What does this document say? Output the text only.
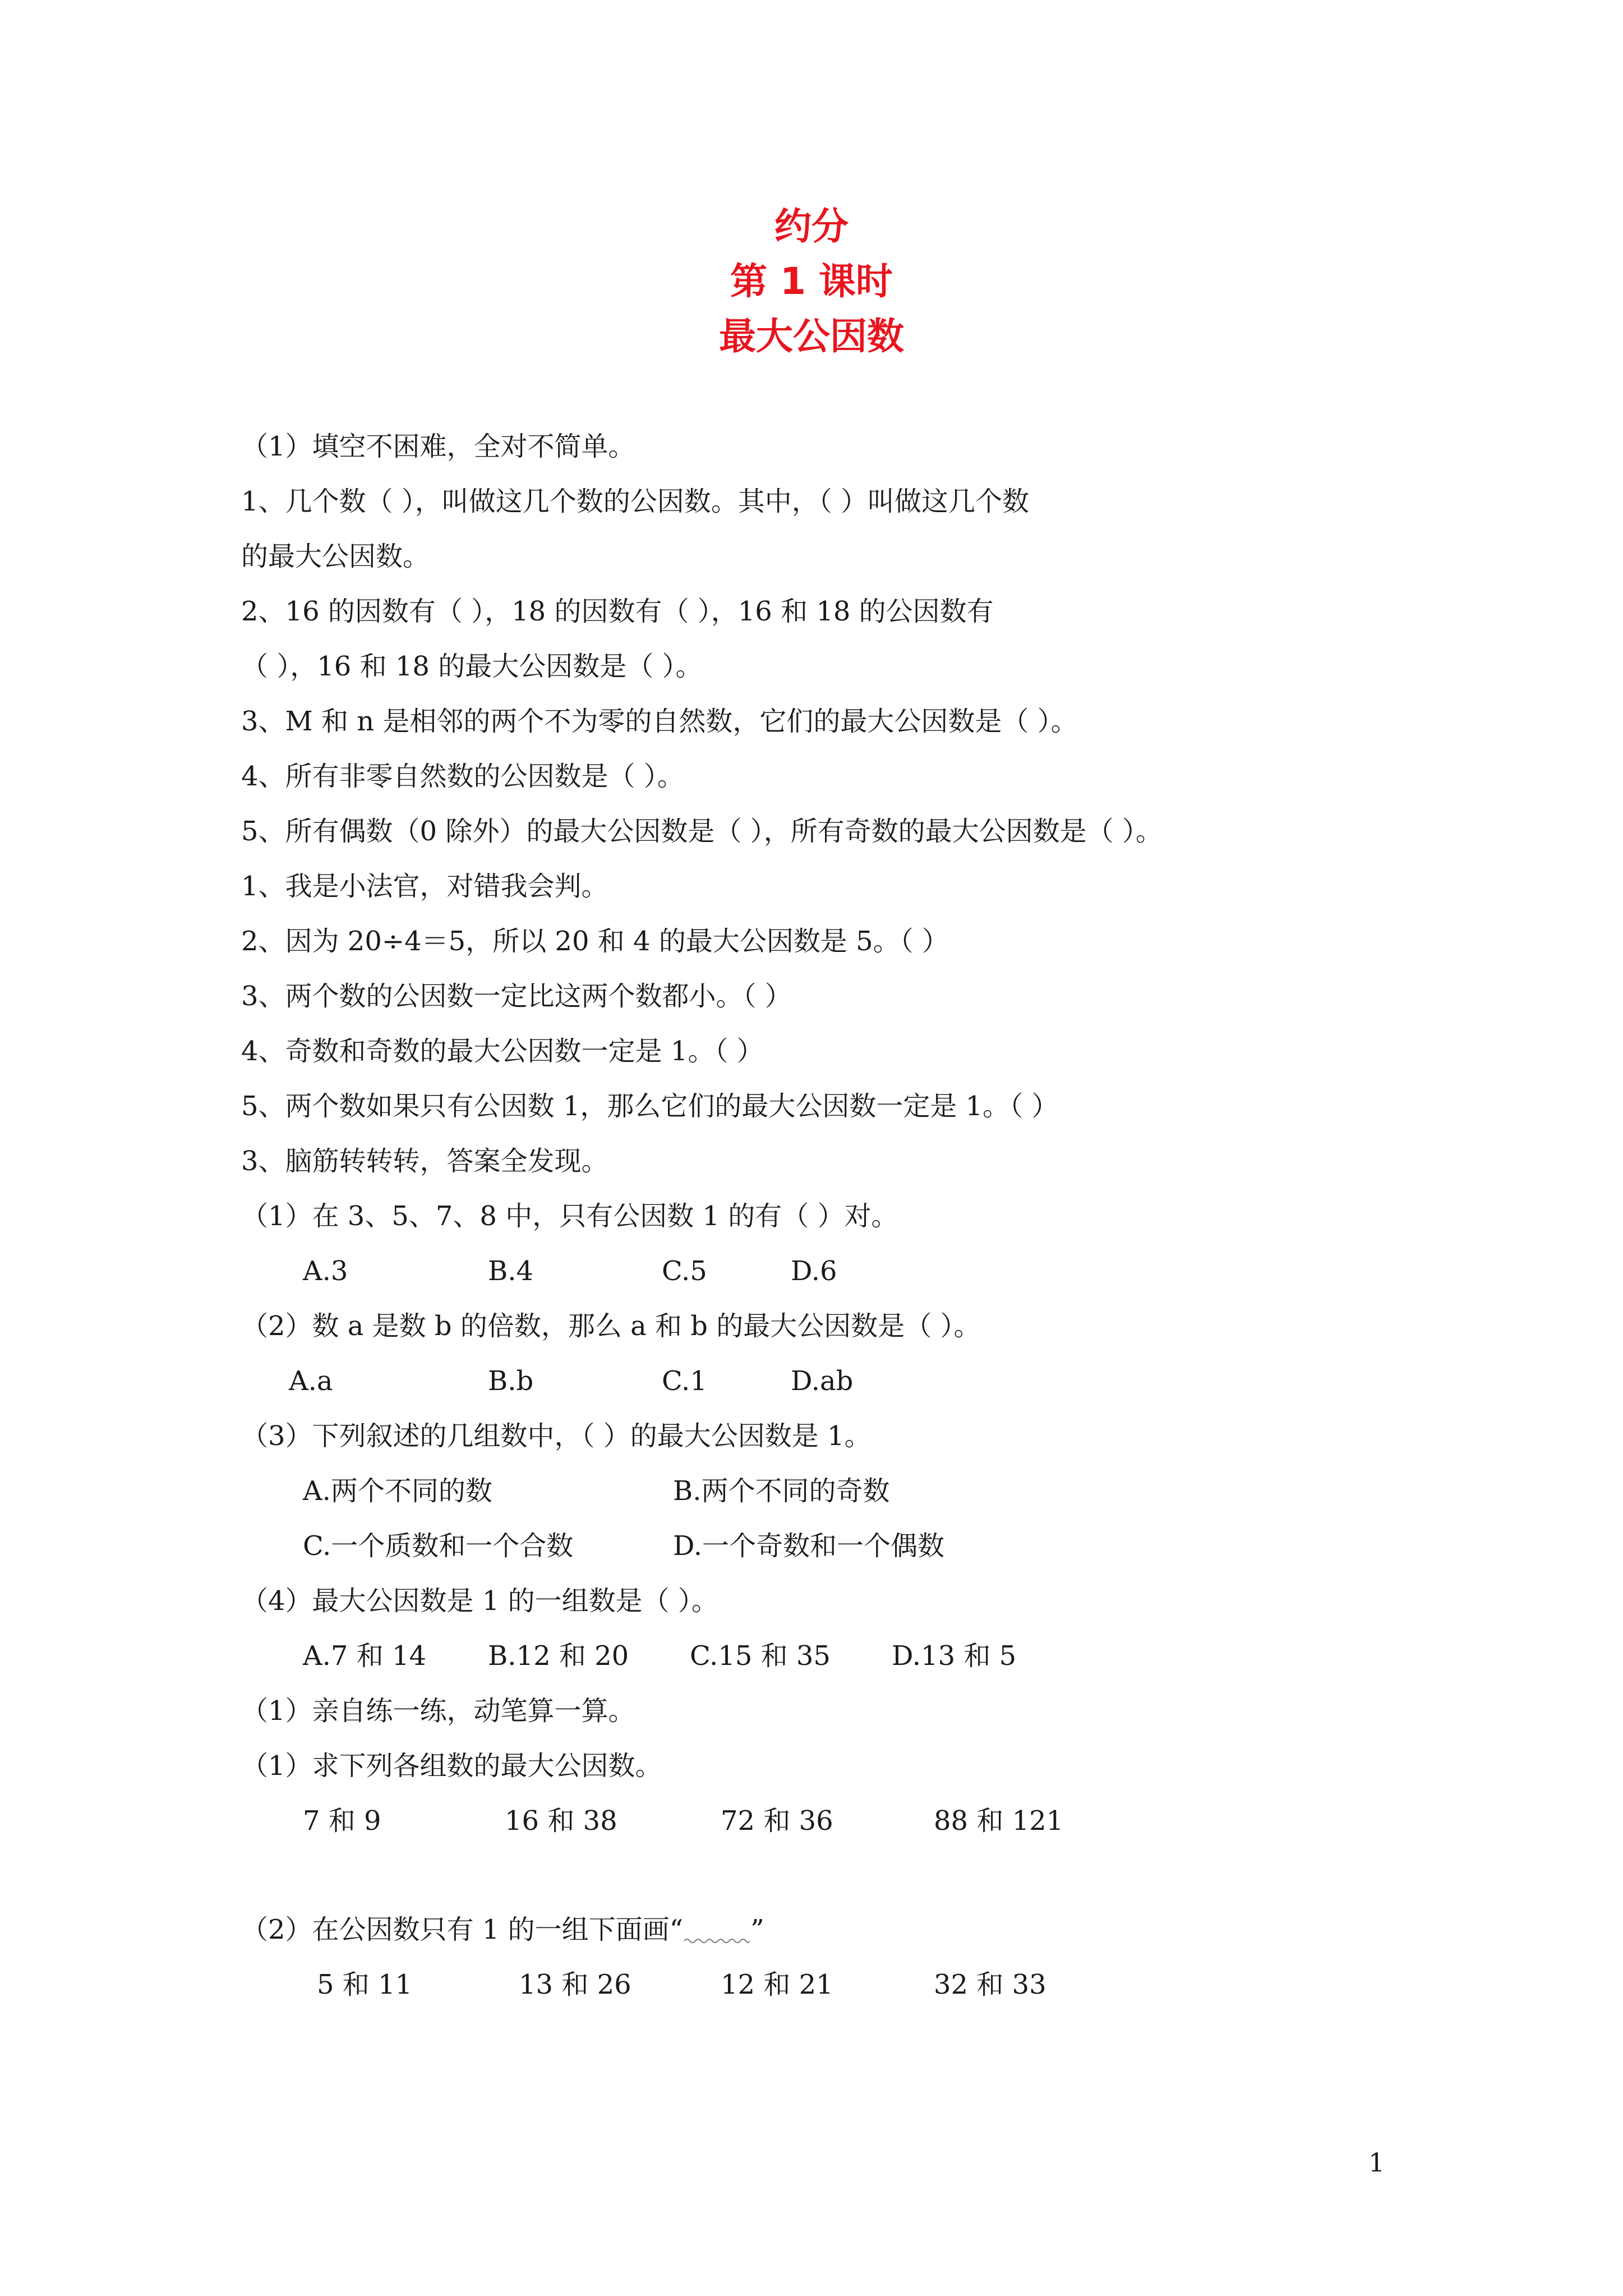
约分
第 1 课时
最大公因数
（1）填空不困难，全对不简单。
1、几个数（ ），叫做这几个数的公因数。其中，（ ）叫做这几个数
的最大公因数。
2、16 的因数有（ ），18 的因数有（ ），16 和 18 的公因数有
（ ），16 和 18 的最大公因数是（ ）。
3、M 和 n 是相邻的两个不为零的自然数，它们的最大公因数是（ ）。
4、所有非零自然数的公因数是（ ）。
5、所有偶数（0 除外）的最大公因数是（ ），所有奇数的最大公因数是（ ）。
1、我是小法官，对错我会判。
2、因为 20÷4＝5，所以 20 和 4 的最大公因数是 5。（ ）
3、两个数的公因数一定比这两个数都小。（ ）
4、奇数和奇数的最大公因数一定是 1。（ ）
5、两个数如果只有公因数 1，那么它们的最大公因数一定是 1。（ ）
3、脑筋转转转，答案全发现。
（1）在 3、5、7、8 中，只有公因数 1 的有（ ）对。
A.3	B.4	C.5	D.6
（2）数 a 是数 b 的倍数，那么 a 和 b 的最大公因数是（ ）。
A.a	B.b	C.1	D.ab
（3）下列叙述的几组数中，（ ）的最大公因数是 1。
A.两个不同的数	B.两个不同的奇数
C.一个质数和一个合数	D.一个奇数和一个偶数
（4）最大公因数是 1 的一组数是（ ）。
A.7 和 14 B.12 和 20 C.15 和 35 D.13 和 5
（1）亲自练一练，动笔算一算。
（1）求下列各组数的最大公因数。
7 和 9	16 和 38	72 和 36	88 和 121
（2）在公因数只有 1 的一组下面画“	”
5 和 11	13 和 26	12 和 21	32 和 33
1
